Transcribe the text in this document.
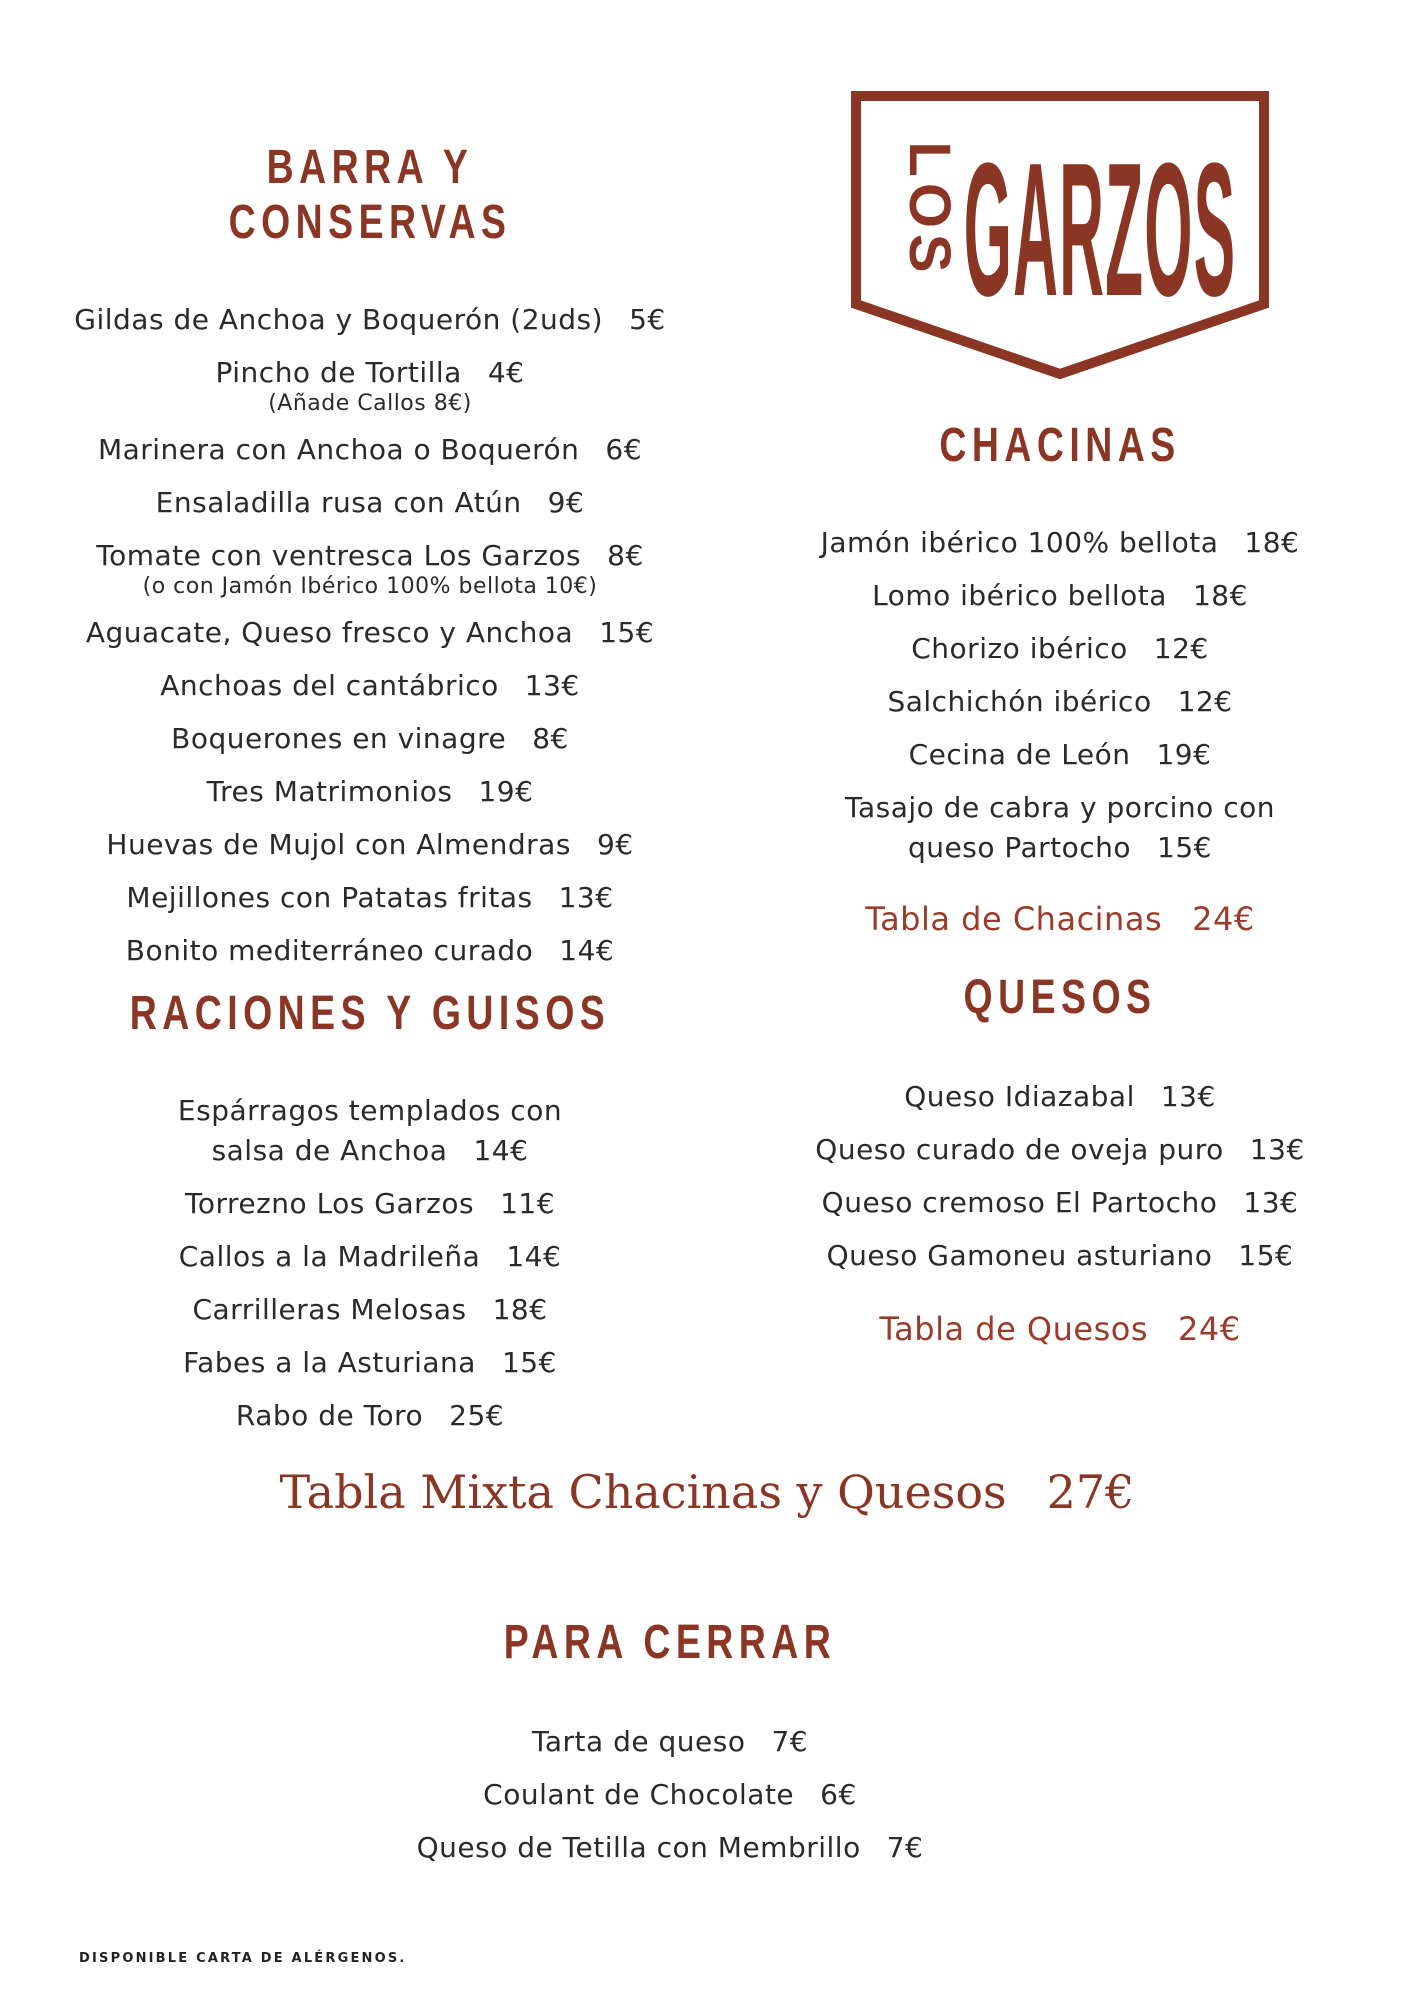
BARRA Y CONSERVAS

Gildas de Anchoa y Boquerón (2uds) 5€

Pincho de Tortilla 4€
(Añade Callos 8€)

Marinera con Anchoa o Boquerón 6€

Ensaladilla rusa con Atún 9€

Tomate con ventresca Los Garzos 8€
(o con Jamón Ibérico 100% bellota 10€)

Aguacate, Queso fresco y Anchoa 15€

Anchoas del cantábrico 13€

Boquerones en vinagre 8€

Tres Matrimonios 19€

Huevas de Mujol con Almendras 9€

Mejillones con Patatas fritas 13€

Bonito mediterráneo curado 14€

RACIONES Y GUISOS

Espárragos templados con
salsa de Anchoa 14€

Torrezno Los Garzos 11€

Callos a la Madrileña 14€

Carrilleras Melosas 18€

Fabes a la Asturiana 15€

Rabo de Toro 25€

LOS GARZOS
CHACINAS

Jamón ibérico 100% bellota 18€

Lomo ibérico bellota 18€

Chorizo ibérico 12€

Salchichón ibérico 12€

Cecina de León 19€

Tasajo de cabra y porcino con
queso Partocho 15€

Tabla de Chacinas 24€

QUESOS

Queso Idiazabal 13€

Queso curado de oveja puro 13€

Queso cremoso El Partocho 13€

Queso Gamoneu asturiano 15€

Tabla de Quesos 24€

Tabla Mixta Chacinas y Quesos 27€
PARA CERRAR

Tarta de queso 7€

Coulant de Chocolate 6€

Queso de Tetilla con Membrillo 7€

DISPONIBLE CARTA DE ALÉRGENOS.
